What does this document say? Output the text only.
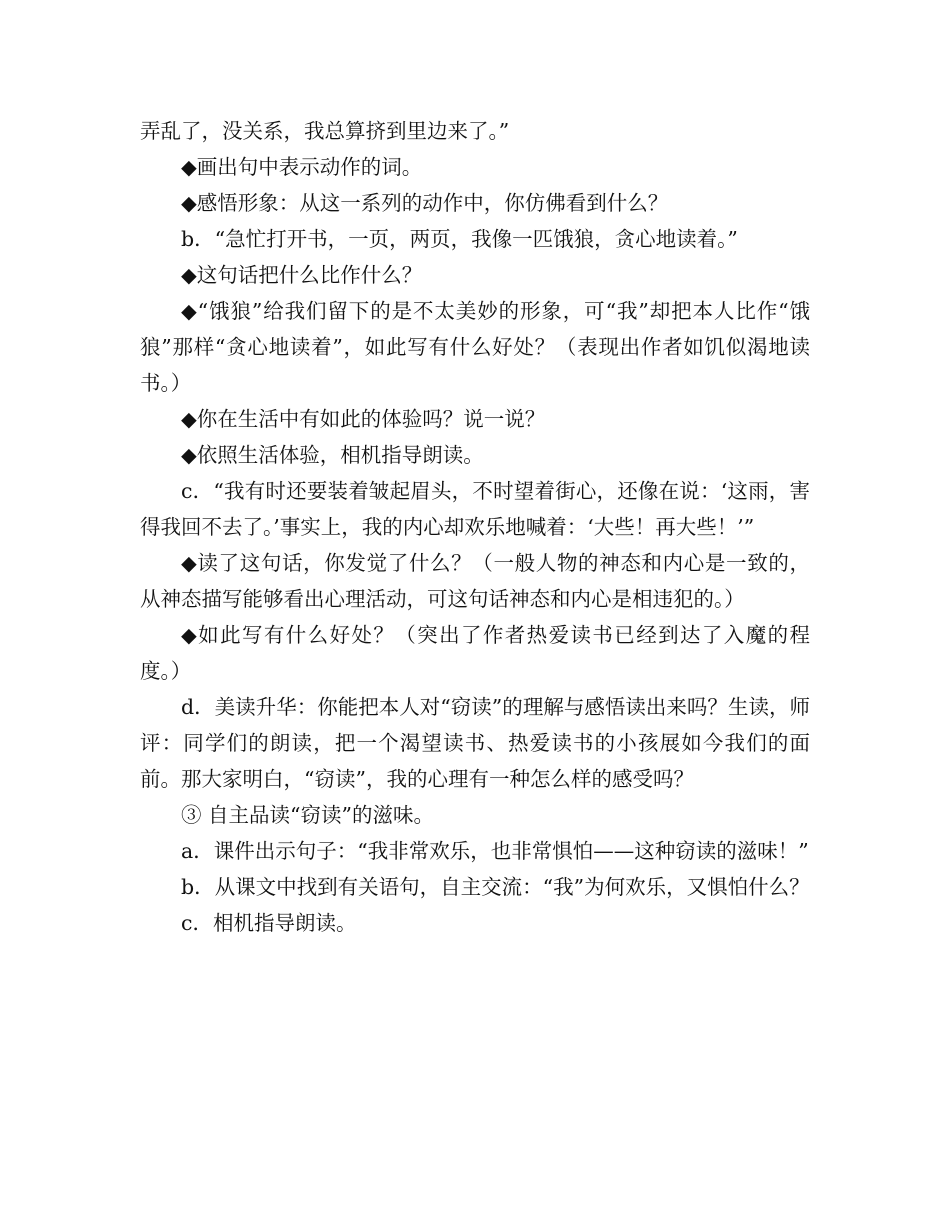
弄乱了，没关系，我总算挤到里边来了。”

◆画出句中表示动作的词。

◆感悟形象：从这一系列的动作中，你仿佛看到什么？

b．“急忙打开书，一页，两页，我像一匹饿狼，贪心地读着。”

◆这句话把什么比作什么？

◆“饿狼”给我们留下的是不太美妙的形象，可“我”却把本人比作“饿狼”那样“贪心地读着”，如此写有什么好处？（表现出作者如饥似渴地读书。）

◆你在生活中有如此的体验吗？说一说？

◆依照生活体验，相机指导朗读。

c．“我有时还要装着皱起眉头，不时望着街心，还像在说：‘这雨，害得我回不去了。’事实上，我的内心却欢乐地喊着：‘大些！再大些！’”

◆读了这句话，你发觉了什么？（一般人物的神态和内心是一致的，从神态描写能够看出心理活动，可这句话神态和内心是相违犯的。）

◆如此写有什么好处？（突出了作者热爱读书已经到达了入魔的程度。）

d．美读升华：你能把本人对“窃读”的理解与感悟读出来吗？生读，师评：同学们的朗读，把一个渴望读书、热爱读书的小孩展如今我们的面前。那大家明白，“窃读”，我的心理有一种怎么样的感受吗？

③ 自主品读“窃读”的滋味。

a．课件出示句子：“我非常欢乐，也非常惧怕——这种窃读的滋味！”

b．从课文中找到有关语句，自主交流：“我”为何欢乐，又惧怕什么？

c．相机指导朗读。
